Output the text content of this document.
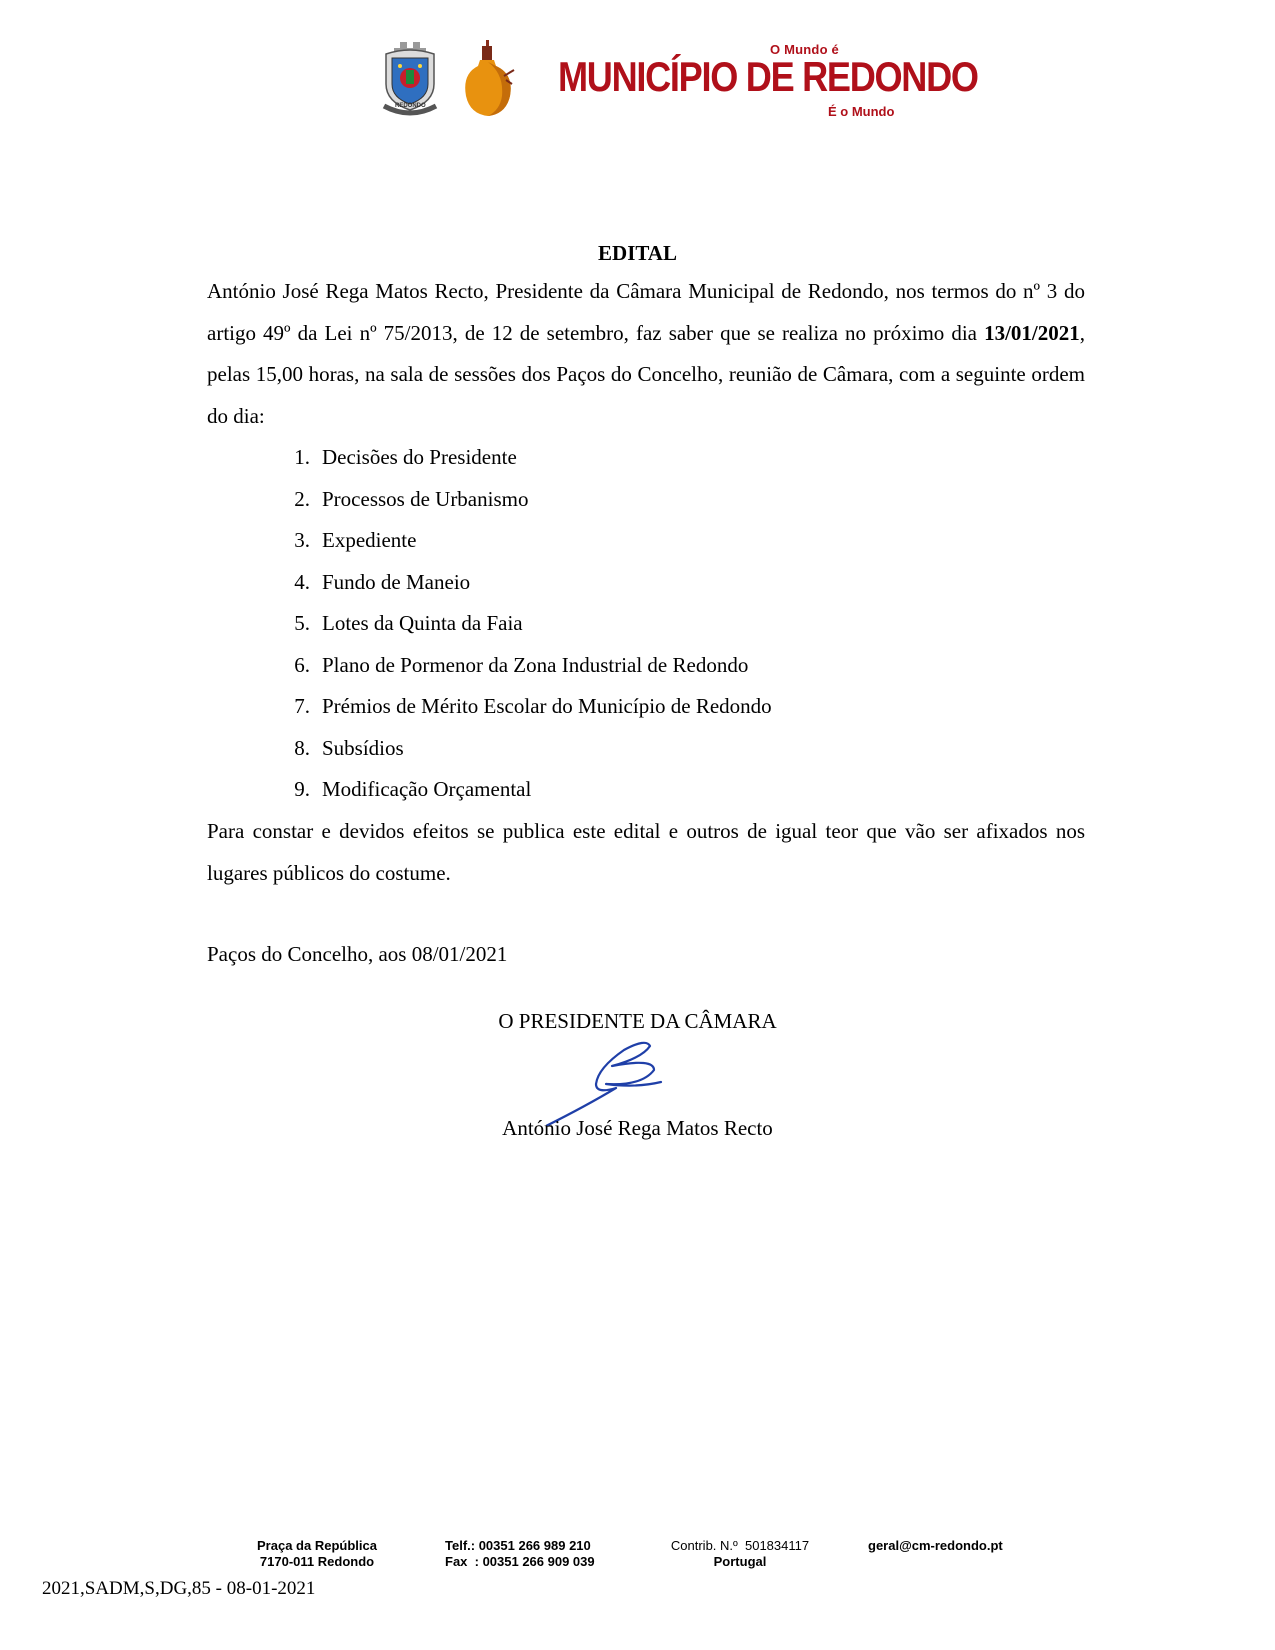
REDONDO
O Mundo é
MUNICÍPIO DE REDONDO
É o Mundo
EDITAL
António José Rega Matos Recto, Presidente da Câmara Municipal de Redondo, nos termos do nº 3 do artigo 49º da Lei nº 75/2013, de 12 de setembro, faz saber que se realiza no próximo dia 13/01/2021, pelas 15,00 horas, na sala de sessões dos Paços do Concelho, reunião de Câmara, com a seguinte ordem do dia:
1. Decisões do Presidente
2. Processos de Urbanismo
3. Expediente
4. Fundo de Maneio
5. Lotes da Quinta da Faia
6. Plano de Pormenor da Zona Industrial de Redondo
7. Prémios de Mérito Escolar do Município de Redondo
8. Subsídios
9. Modificação Orçamental
Para constar e devidos efeitos se publica este edital e outros de igual teor que vão ser afixados nos lugares públicos do costume.
Paços do Concelho, aos 08/01/2021
O PRESIDENTE DA CÂMARA
António José Rega Matos Recto
Praça da República
7170-011 Redondo
Telf.: 00351 266 989 210
Fax  : 00351 266 909 039
Contrib. N.º  501834117
Portugal
geral@cm-redondo.pt
2021,SADM,S,DG,85 - 08-01-2021
